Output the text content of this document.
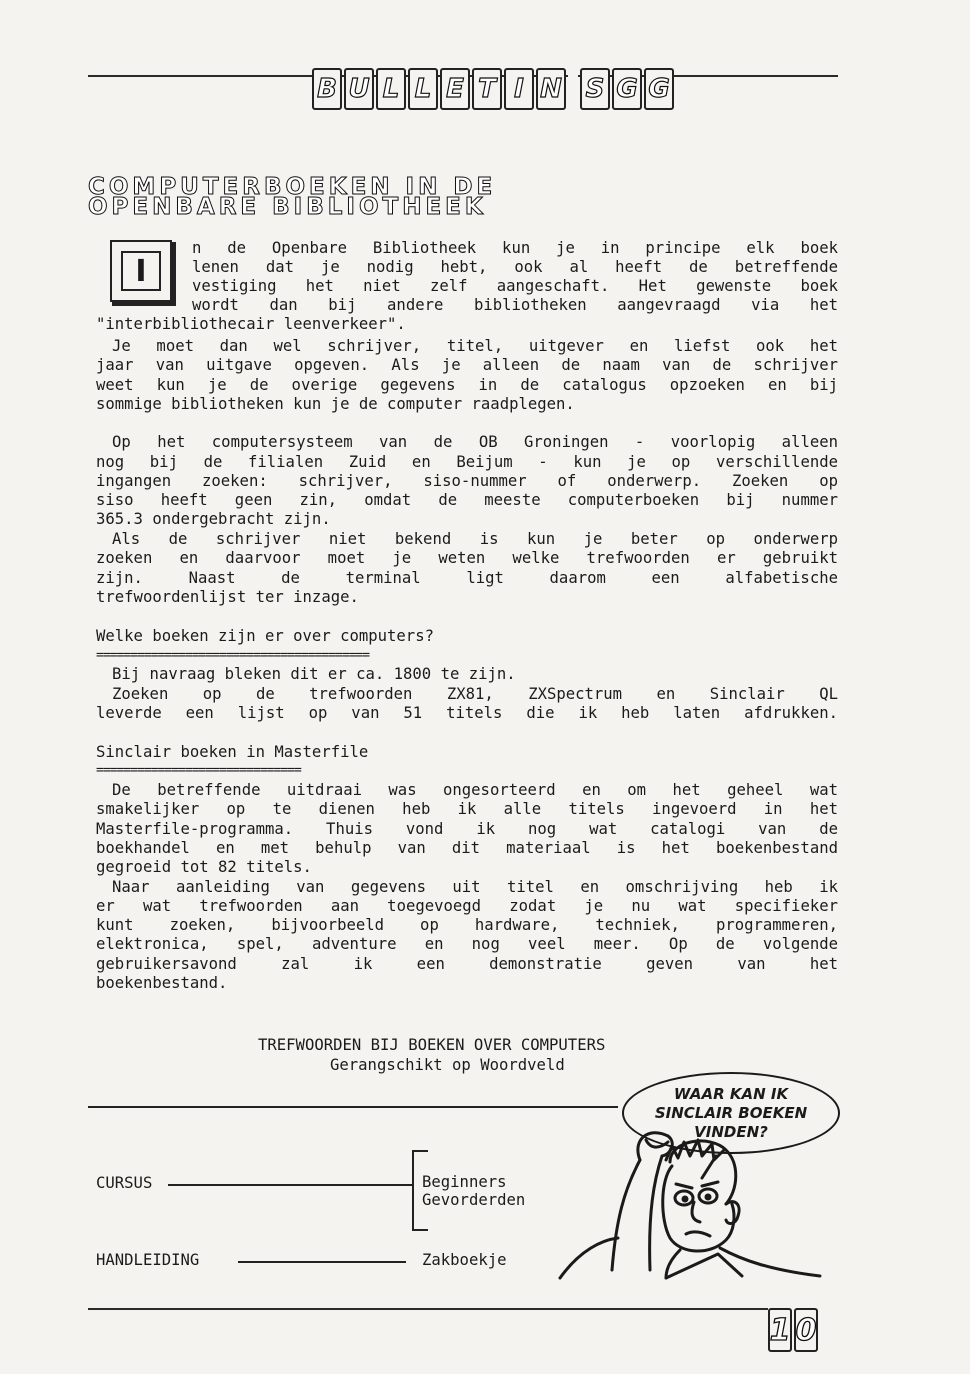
B U L L E T I N S G G
COMPUTERBOEKEN IN DE
OPENBARE BIBLIOTHEEK
I
n de Openbare Bibliotheek kun je in principe elk boek
lenen dat je nodig hebt, ook al heeft de betreffende
vestiging het niet zelf aangeschaft. Het gewenste boek
wordt dan bij andere bibliotheken aangevraagd via het
"interbibliothecair leenverkeer".
Je moet dan wel schrijver, titel, uitgever en liefst ook het
jaar van uitgave opgeven. Als je alleen de naam van de schrijver
weet kun je de overige gegevens in de catalogus opzoeken en bij
sommige bibliotheken kun je de computer raadplegen.
Op het computersysteem van de OB Groningen - voorlopig alleen
nog bij de filialen Zuid en Beijum - kun je op verschillende
ingangen zoeken: schrijver, siso-nummer of onderwerp. Zoeken op
siso heeft geen zin, omdat de meeste computerboeken bij nummer
365.3 ondergebracht zijn.
Als de schrijver niet bekend is kun je beter op onderwerp
zoeken en daarvoor moet je weten welke trefwoorden er gebruikt
zijn. Naast de terminal ligt daarom een alfabetische
trefwoordenlijst ter inzage.
Welke boeken zijn er over computers?
Bij navraag bleken dit er ca. 1800 te zijn.
Zoeken op de trefwoorden ZX81, ZXSpectrum en Sinclair QL
leverde een lijst op van 51 titels die ik heb laten afdrukken.
Sinclair boeken in Masterfile
De betreffende uitdraai was ongesorteerd en om het geheel wat
smakelijker op te dienen heb ik alle titels ingevoerd in het
Masterfile-programma. Thuis vond ik nog wat catalogi van de
boekhandel en met behulp van dit materiaal is het boekenbestand
gegroeid tot 82 titels.
Naar aanleiding van gegevens uit titel en omschrijving heb ik
er wat trefwoorden aan toegevoegd zodat je nu wat specifieker
kunt zoeken, bijvoorbeeld op hardware, techniek, programmeren,
elektronica, spel, adventure en nog veel meer. Op de volgende
gebruikersavond zal ik een demonstratie geven van het
boekenbestand.
========================================
==============================
TREFWOORDEN BIJ BOEKEN OVER COMPUTERS
Gerangschikt op Woordveld
CURSUS	Beginners
Gevorderden
HANDLEIDING	Zakboekje
WAAR KAN IK
SINCLAIR BOEKEN
VINDEN?
1 0
